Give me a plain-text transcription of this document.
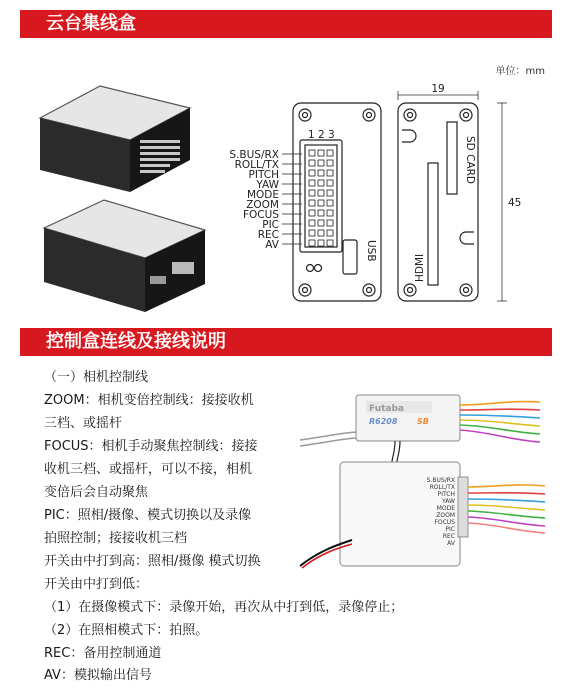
云台集线盒
单位：mm
1 2 3
USB
S.BUS/RX
ROLL/TX
PITCH
YAW
MODE
ZOOM
FOCUS
PIC
REC
AV
SD CARD
HDMI
19
45
Futaba
R6208 SB
S.BUS/RX
ROLL/TX
PITCH
YAW
MODE
ZOOM
FOCUS
PIC
REC
AV
控制盒连线及接线说明
（一）相机控制线
ZOOM：相机变倍控制线：接接收机
三档、或摇杆
FOCUS：相机手动聚焦控制线：接接
收机三档、或摇杆，可以不接，相机
变倍后会自动聚焦
PIC：照相/摄像、模式切换以及录像
拍照控制；接接收机三档
开关由中打到高：照相/摄像 模式切换
开关由中打到低：
（1）在摄像模式下：录像开始，再次从中打到低，录像停止；
（2）在照相模式下：拍照。
REC：备用控制通道
AV：模拟输出信号
